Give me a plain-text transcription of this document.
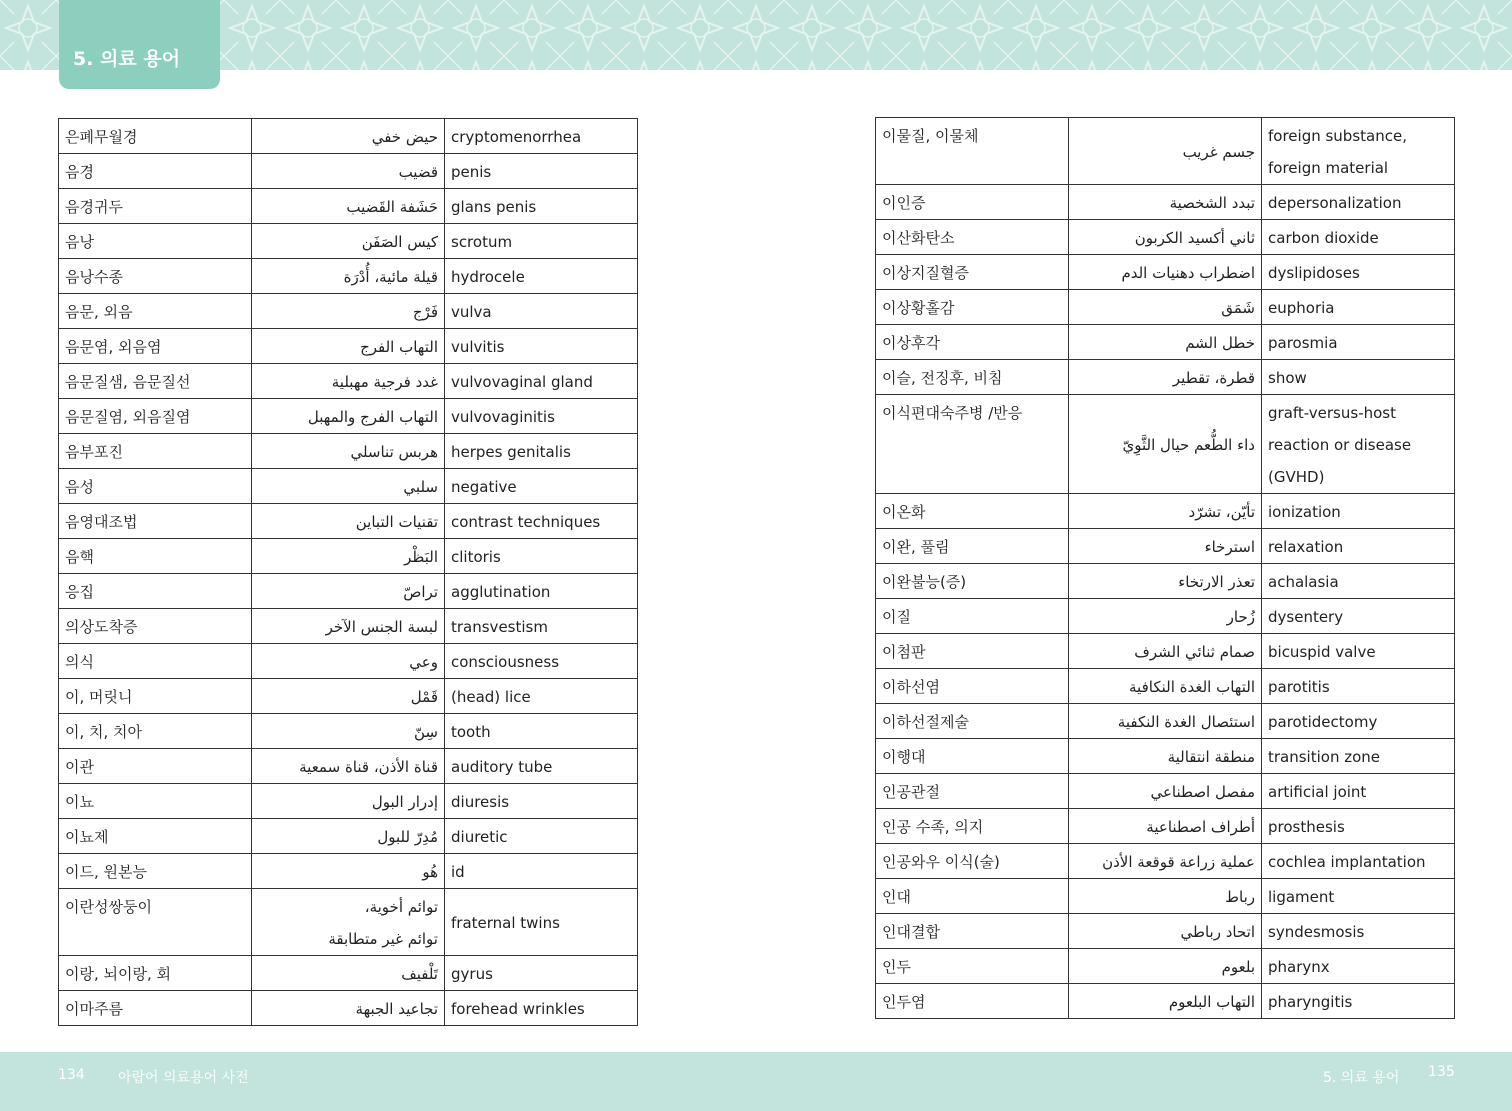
5. 의료 용어
은폐무월경	حيض خفي	cryptomenorrhea

음경	قضيب	penis

음경귀두	حَشَفة القَضيب	glans penis

음낭	كيس الصَفَن	scrotum

음낭수종	قيلة مائية، أُدْرَة	hydrocele

음문, 외음	فَرْج	vulva

음문염, 외음염	التهاب الفرج	vulvitis

음문질샘, 음문질선	غدد فرجية مهبلية	vulvovaginal gland

음문질염, 외음질염	التهاب الفرج والمهبل	vulvovaginitis

음부포진	هربس تناسلي	herpes genitalis

음성	سلبي	negative

음영대조법	تقنيات التباين	contrast techniques

음핵	البَظْر	clitoris

응집	تراصّ	agglutination

의상도착증	لبسة الجنس الآخر	transvestism

의식	وعي	consciousness

이, 머릿니	قَمْل	(head) lice

이, 치, 치아	سِنّ	tooth

이관	قناة الأذن، قناة سمعية	auditory tube

이뇨	إدرار البول	diuresis

이뇨제	مُدِرّ للبول	diuretic

이드, 원본능	هُو	id

이란성쌍둥이	توائم أخوية،
توائم غير متطابقة	fraternal twins

이랑, 뇌이랑, 회	تَلْفيف	gyrus

이마주름	تجاعيد الجبهة	forehead wrinkles
이물질, 이물체	جسم غريب	foreign substance,
foreign material

이인증	تبدد الشخصية	depersonalization

이산화탄소	ثاني أكسيد الكربون	carbon dioxide

이상지질혈증	اضطراب دهنيات الدم	dyslipidoses

이상황홀감	شَمَق	euphoria

이상후각	خطل الشم	parosmia

이슬, 전징후, 비침	قطرة، تقطير	show

이식편대숙주병 /반응	داء الطُّعم حيال الثَّوِيّ	graft-versus-host
reaction or disease
(GVHD)

이온화	تأيّن، تشرّد	ionization

이완, 풀림	استرخاء	relaxation

이완불능(증)	تعذر الارتخاء	achalasia

이질	زُحار	dysentery

이첨판	صمام ثنائي الشرف	bicuspid valve

이하선염	التهاب الغدة النكافية	parotitis

이하선절제술	استئصال الغدة النكفية	parotidectomy

이행대	منطقة انتقالية	transition zone

인공관절	مفصل اصطناعي	artificial joint

인공 수족, 의지	أطراف اصطناعية	prosthesis

인공와우 이식(술)	عملية زراعة قوقعة الأذن	cochlea implantation

인대	رباط	ligament

인대결합	اتحاد رباطي	syndesmosis

인두	بلعوم	pharynx

인두염	التهاب البلعوم	pharyngitis
134 아랍어 의료용어 사전	5. 의료 용어 135
